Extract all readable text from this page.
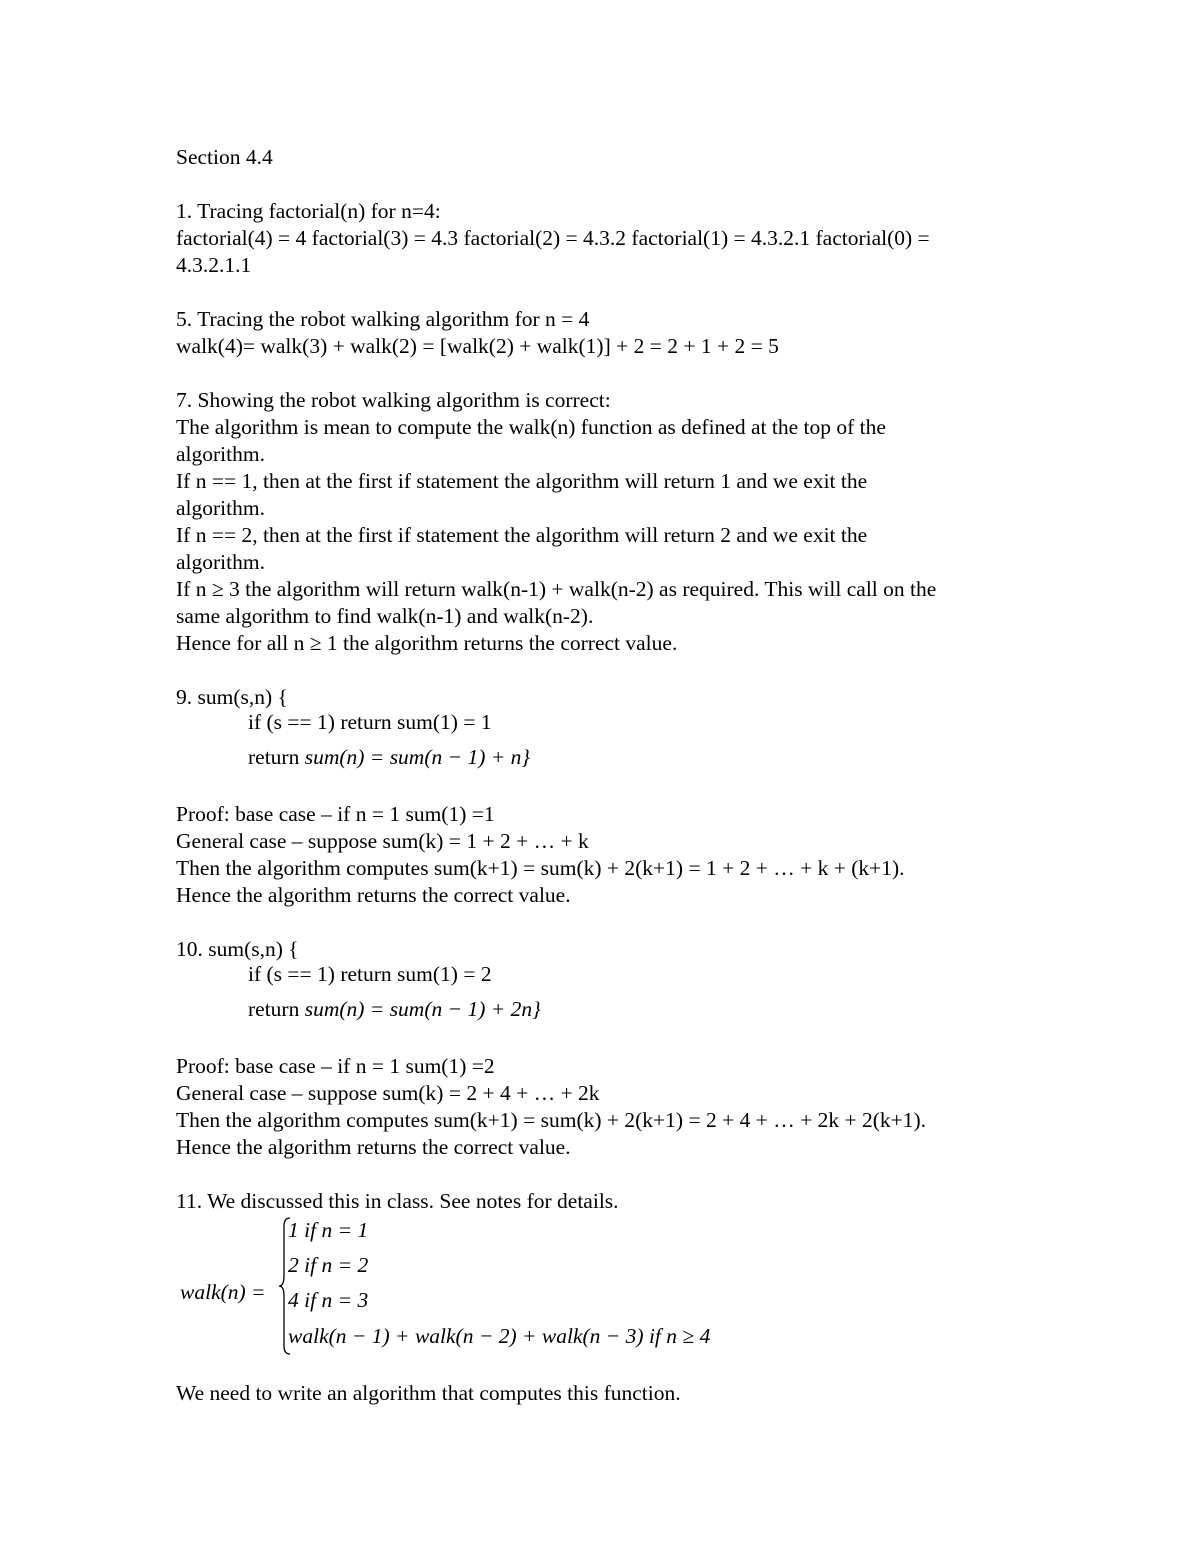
Section 4.4
1. Tracing factorial(n) for n=4:
factorial(4) = 4 factorial(3) = 4.3 factorial(2) = 4.3.2 factorial(1) = 4.3.2.1 factorial(0) =
4.3.2.1.1
5. Tracing the robot walking algorithm for n = 4
walk(4)= walk(3) + walk(2) = [walk(2) + walk(1)] + 2 = 2 + 1 + 2 = 5
7. Showing the robot walking algorithm is correct:
The algorithm is mean to compute the walk(n) function as defined at the top of the
algorithm.
If n == 1, then at the first if statement the algorithm will return 1 and we exit the
algorithm.
If n == 2, then at the first if statement the algorithm will return 2 and we exit the
algorithm.
If n ≥ 3 the algorithm will return walk(n-1) + walk(n-2) as required. This will call on the
same algorithm to find walk(n-1) and walk(n-2).
Hence for all n ≥ 1 the algorithm returns the correct value.
9. sum(s,n) {
if (s == 1) return sum(1) = 1
return sum(n) = sum(n − 1) + n}
Proof: base case – if n = 1 sum(1) =1
General case – suppose sum(k) = 1 + 2 + … + k
Then the algorithm computes sum(k+1) = sum(k) + 2(k+1) = 1 + 2 + … + k + (k+1).
Hence the algorithm returns the correct value.
10. sum(s,n) {
if (s == 1) return sum(1) = 2
return sum(n) = sum(n − 1) + 2n}
Proof: base case – if n = 1 sum(1) =2
General case – suppose sum(k) = 2 + 4 + … + 2k
Then the algorithm computes sum(k+1) = sum(k) + 2(k+1) = 2 + 4 + … + 2k + 2(k+1).
Hence the algorithm returns the correct value.
11. We discussed this in class. See notes for details.
walk(n) =
1 if n = 1
2 if n = 2
4 if n = 3
walk(n − 1) + walk(n − 2) + walk(n − 3) if n ≥ 4
We need to write an algorithm that computes this function.
